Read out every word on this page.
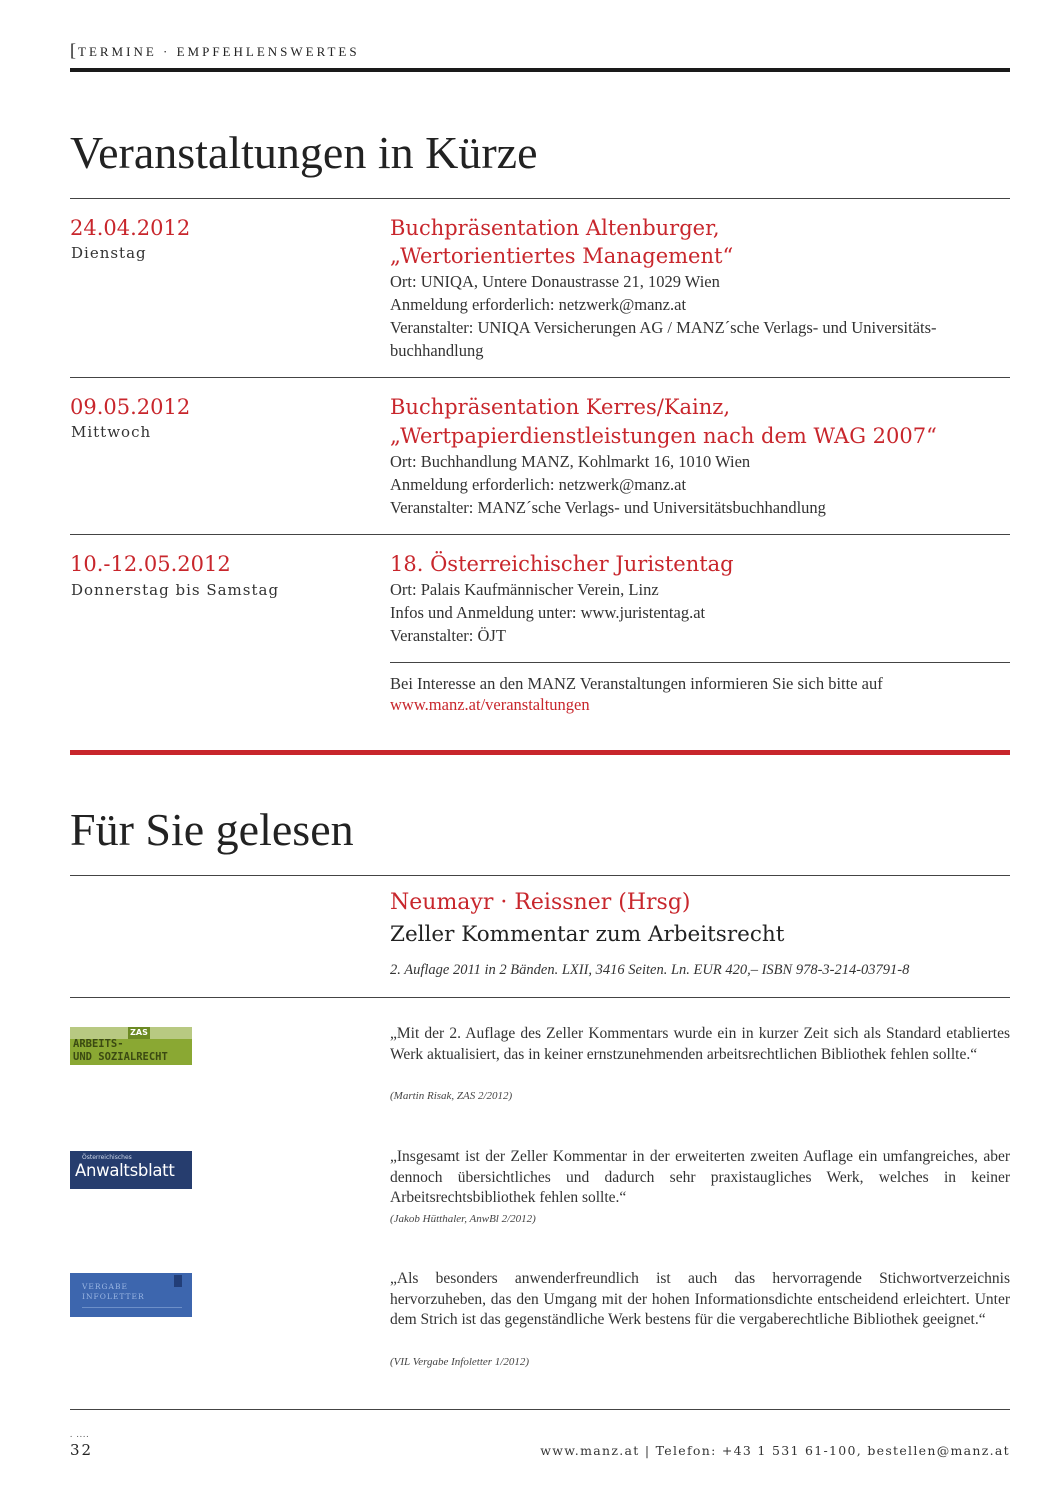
[ TERMINE · EMPFEHLENSWERTES
Veranstaltungen in Kürze
24.04.2012
Dienstag
Buchpräsentation Altenburger,
„Wertorientiertes Management“
Ort: UNIQA, Untere Donaustrasse 21, 1029 Wien
Anmeldung erforderlich: netzwerk@manz.at
Veranstalter: UNIQA Versicherungen AG / MANZ´sche Verlags- und Universitäts-
buchhandlung
09.05.2012
Mittwoch
Buchpräsentation Kerres/Kainz,
„Wertpapierdienstleistungen nach dem WAG 2007“
Ort: Buchhandlung MANZ, Kohlmarkt 16, 1010 Wien
Anmeldung erforderlich: netzwerk@manz.at
Veranstalter: MANZ´sche Verlags- und Universitätsbuchhandlung
10.-12.05.2012
Donnerstag bis Samstag
18. Österreichischer Juristentag
Ort: Palais Kaufmännischer Verein, Linz
Infos und Anmeldung unter: www.juristentag.at
Veranstalter: ÖJT
Bei Interesse an den MANZ Veranstaltungen informieren Sie sich bitte auf
www.manz.at/veranstaltungen
Für Sie gelesen
Neumayr · Reissner (Hrsg)
Zeller Kommentar zum Arbeitsrecht
2. Auflage 2011 in 2 Bänden. LXII, 3416 Seiten. Ln. EUR 420,– ISBN 978-3-214-03791-8
ZAS
ARBEITS-
UND SOZIALRECHT
„Mit der 2. Auflage des Zeller Kommentars wurde ein in kurzer Zeit sich als Standard etabliertes Werk aktualisiert, das in keiner ernstzunehmenden arbeitsrechtlichen Bibliothek fehlen sollte.“
(Martin Risak, ZAS 2/2012)
Österreichisches
Anwaltsblatt
„Insgesamt ist der Zeller Kommentar in der erweiterten zweiten Auflage ein umfangreiches, aber dennoch übersichtliches und dadurch sehr praxistaugliches Werk, welches in keiner Arbeitsrechtsbibliothek fehlen sollte.“
(Jakob Hütthaler, AnwBl 2/2012)
VERGABE
INFOLETTER
„Als besonders anwenderfreundlich ist auch das hervorragende Stichwortverzeichnis hervorzuheben, das den Umgang mit der hohen Informationsdichte entscheidend erleichtert. Unter dem Strich ist das gegenständliche Werk bestens für die vergaberechtliche Bibliothek geeignet.“
(VIL Vergabe Infoletter 1/2012)
. ....
32	www.manz.at | Telefon: +43 1 531 61-100, bestellen@manz.at
